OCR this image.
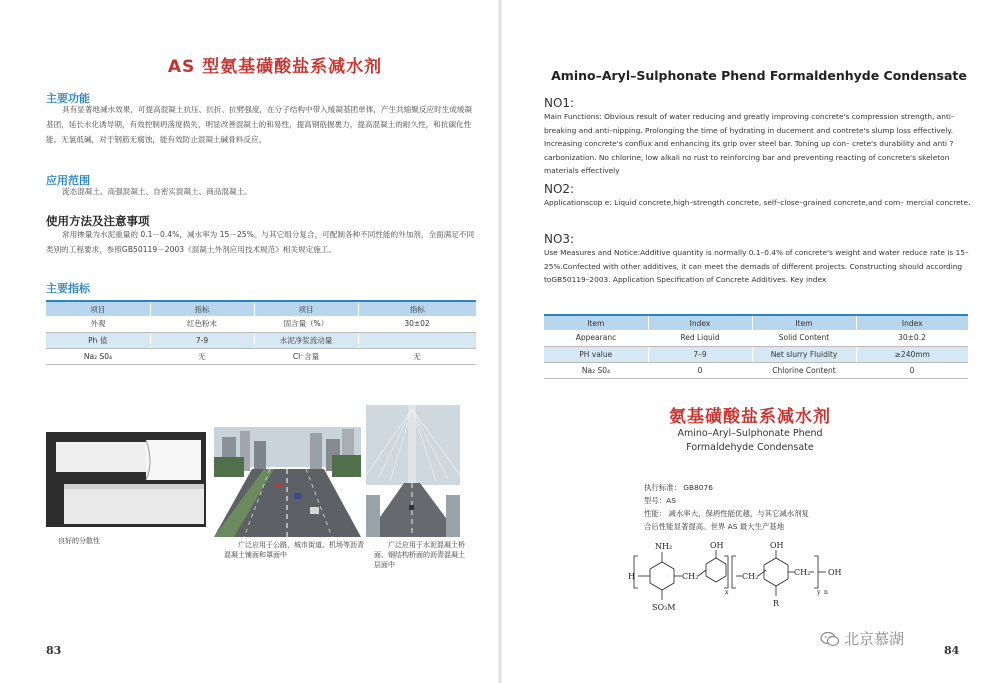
AS 型氨基磺酸盐系减水剂
主要功能
具有显著地减水效果，可提高混凝土抗压、抗折、抗劈强度，在分子结构中带入缓凝基团单体，产生共缩聚反应时生成缓凝基团，延长水化诱导期，有效控制坍落度损失，明显改善混凝土的和易性，提高钢筋握裹力，提高混凝土的耐久性，和抗碳化性能。无氯低碱，对于钢筋无腐蚀，能有效防止混凝土碱骨料反应。
应用范围
流态混凝土、高强混凝土、自密实混凝土、商品混凝土。
使用方法及注意事项
常用掺量为水泥重量的 0.1－0.4%，减水率为 15－25%。与其它组分复合，可配制各种不同性能的外加剂，全面满足不同类别的工程要求，参照GB50119－2003《混凝土外剂应用技术规范》相关规定施工。
主要指标
项目	指标	项目	指标
外观	红色粉末	固含量（%）	30±02
Ph 值	7-9	水泥净浆流动量	
Na₂ S0₄	无	Cl⁻含量	无
良好的分散性	广泛应用于公路、城市街道、机场等沥青混凝土铺面和罩面中
广泛应用于水泥混凝土桥面、钢结构桥面的沥青混凝土层面中
83
Amino–Aryl–Sulphonate Phend Formaldenhyde Condensate
NO1:
Main Functions: Obvious result of water reducing and greatly improving concrete's compression strength, anti–breaking and anti–nipping. Prolonging the time of hydrating in ducement and contrete's slump loss effectively. Increasing concrete's conflux and enhancing its grip over steel bar. Toning up con– crete's durability and anti ?carbonization. No chlorine, low alkali no rust to reinforcing bar and preventing reacting of concrete's skeleton materials effectively
NO2:
Applicationscop e: Liquid concrete,high–strength concrete, self–close–grained concrete,and com– mercial concrete.
NO3:
Use Measures and Notice:Additive quantity is normally 0.1–0.4% of concrete's weight and water reduce rate is 15–25%.Confected with other additives, it can meet the demads of different projects. Constructing should according toGB50119–2003. Application Specification of Concrete Additives. Key index
Item	Index	Item	Index
Appearanc	Red Liquid	Solid Content	30±0.2
PH value	7–9	Net slurry Fluidity	≥240mm
Na₂ S0₄	0	Chlorine Content	0
氨基磺酸盐系减水剂
Amino–Aryl–Sulphonate Phend
Formaldehyde Condensate
执行标准： GB8076
型号：AS
性能： 减水率大，保坍性能优越，与其它减水剂复
合后性能显著提高。世界 AS 最大生产基地
H
NH₂	OH	OH
OH
CH₂	CH₂	CH₂
SO₃M	R
x	y n
84
北京慕湖
